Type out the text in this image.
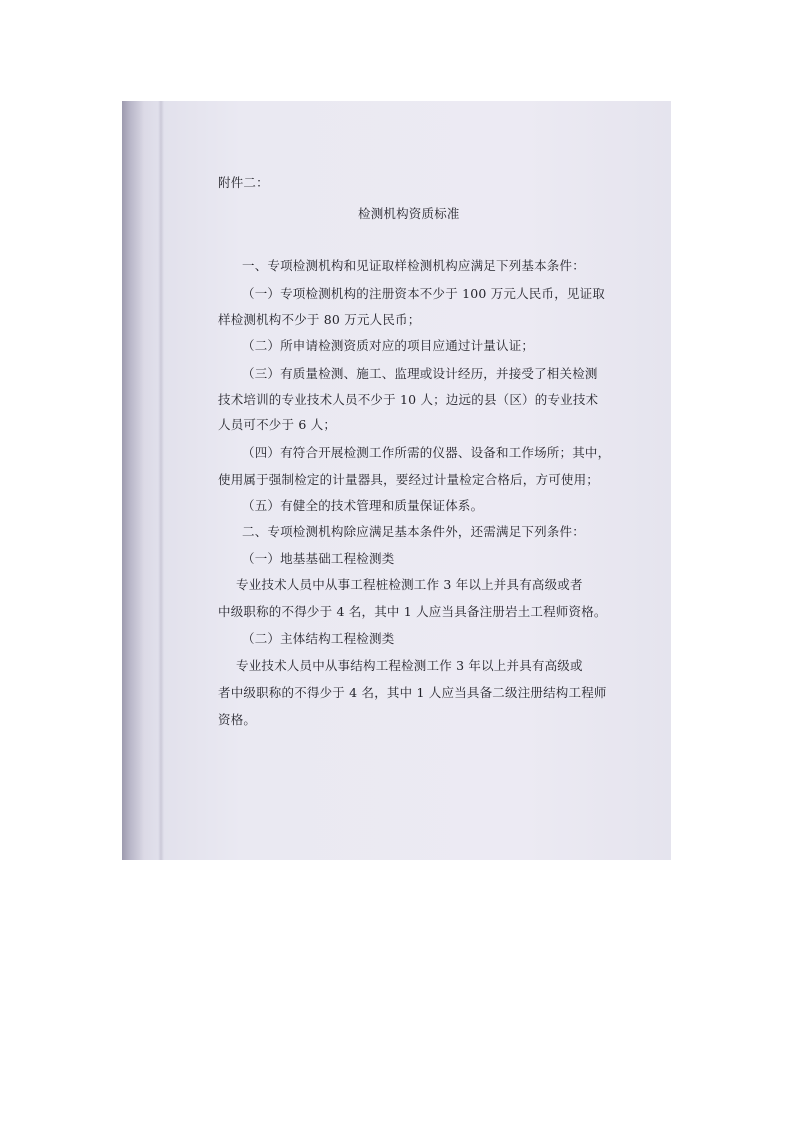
附件二：
检测机构资质标准
一、专项检测机构和见证取样检测机构应满足下列基本条件：
（一）专项检测机构的注册资本不少于 100 万元人民币，见证取
样检测机构不少于 80 万元人民币；
（二）所申请检测资质对应的项目应通过计量认证；
（三）有质量检测、施工、监理或设计经历，并接受了相关检测
技术培训的专业技术人员不少于 10 人；边远的县（区）的专业技术
人员可不少于 6 人；
（四）有符合开展检测工作所需的仪器、设备和工作场所；其中，
使用属于强制检定的计量器具，要经过计量检定合格后，方可使用；
（五）有健全的技术管理和质量保证体系。
二、专项检测机构除应满足基本条件外，还需满足下列条件：
（一）地基基础工程检测类
专业技术人员中从事工程桩检测工作 3 年以上并具有高级或者
中级职称的不得少于 4 名，其中 1 人应当具备注册岩土工程师资格。
（二）主体结构工程检测类
专业技术人员中从事结构工程检测工作 3 年以上并具有高级或
者中级职称的不得少于 4 名，其中 1 人应当具备二级注册结构工程师
资格。
